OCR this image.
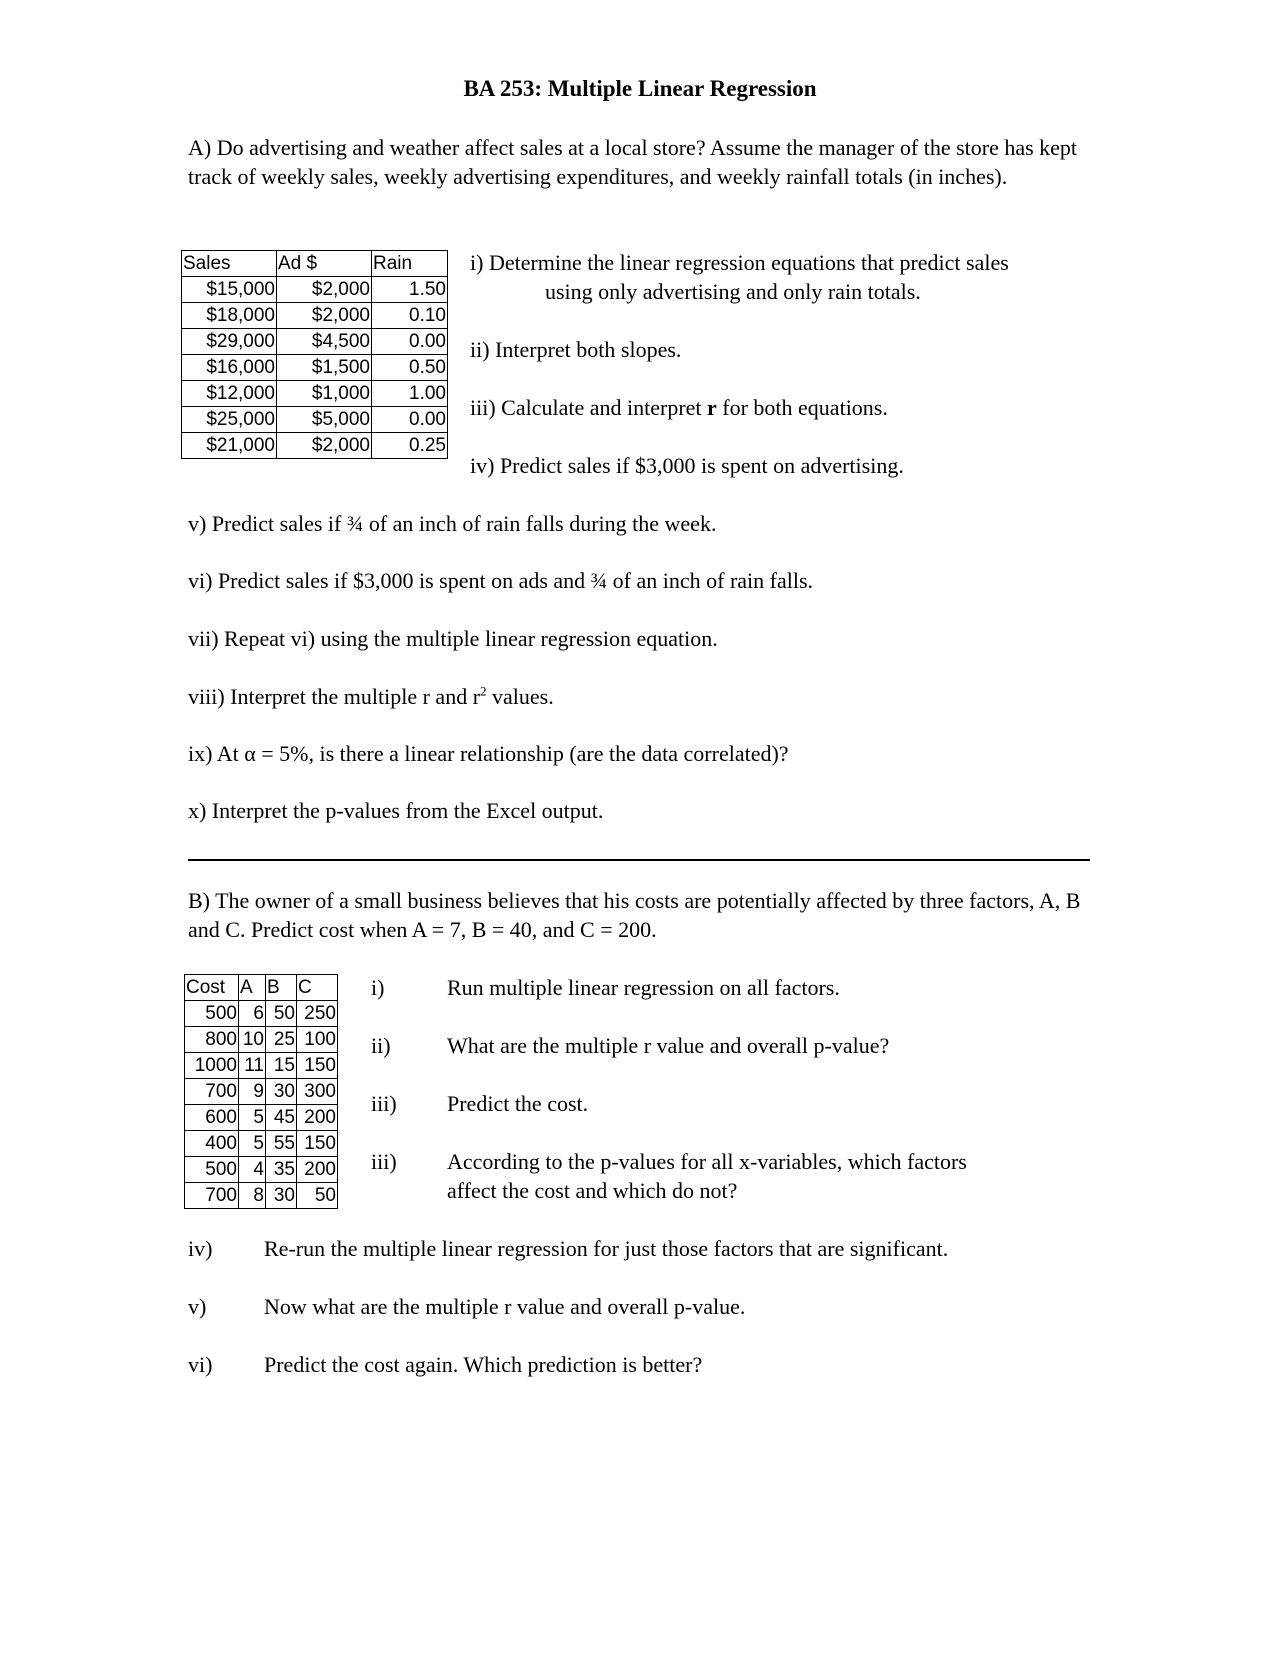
BA 253: Multiple Linear Regression
A) Do advertising and weather affect sales at a local store? Assume the manager of the store has kept track of weekly sales, weekly advertising expenditures, and weekly rainfall totals (in inches).
Sales	Ad $	Rain
$15,000	$2,000	1.50
$18,000	$2,000	0.10
$29,000	$4,500	0.00
$16,000	$1,500	0.50
$12,000	$1,000	1.00
$25,000	$5,000	0.00
$21,000	$2,000	0.25
i) Determine the linear regression equations that predict sales
using only advertising and only rain totals.
ii) Interpret both slopes.
iii) Calculate and interpret r for both equations.
iv) Predict sales if $3,000 is spent on advertising.
v) Predict sales if ¾ of an inch of rain falls during the week.
vi) Predict sales if $3,000 is spent on ads and ¾ of an inch of rain falls.
vii) Repeat vi) using the multiple linear regression equation.
viii) Interpret the multiple r and $r^2$ values.
ix) At α = 5%, is there a linear relationship (are the data correlated)?
x) Interpret the p-values from the Excel output.
B) The owner of a small business believes that his costs are potentially affected by three factors, A, B and C. Predict cost when A = 7, B = 40, and C = 200.
Cost	A	B	C
500	6	50	250
800	10	25	100
1000	11	15	150
700	9	30	300
600	5	45	200
400	5	55	150
500	4	35	200
700	8	30	50
i)	Run multiple linear regression on all factors.
ii)	What are the multiple r value and overall p-value?
iii) Predict the cost.
iii) According to the p-values for all x-variables, which factors
affect the cost and which do not?
iv) Re-run the multiple linear regression for just those factors that are significant.
v)	Now what are the multiple r value and overall p-value.
vi) Predict the cost again. Which prediction is better?
